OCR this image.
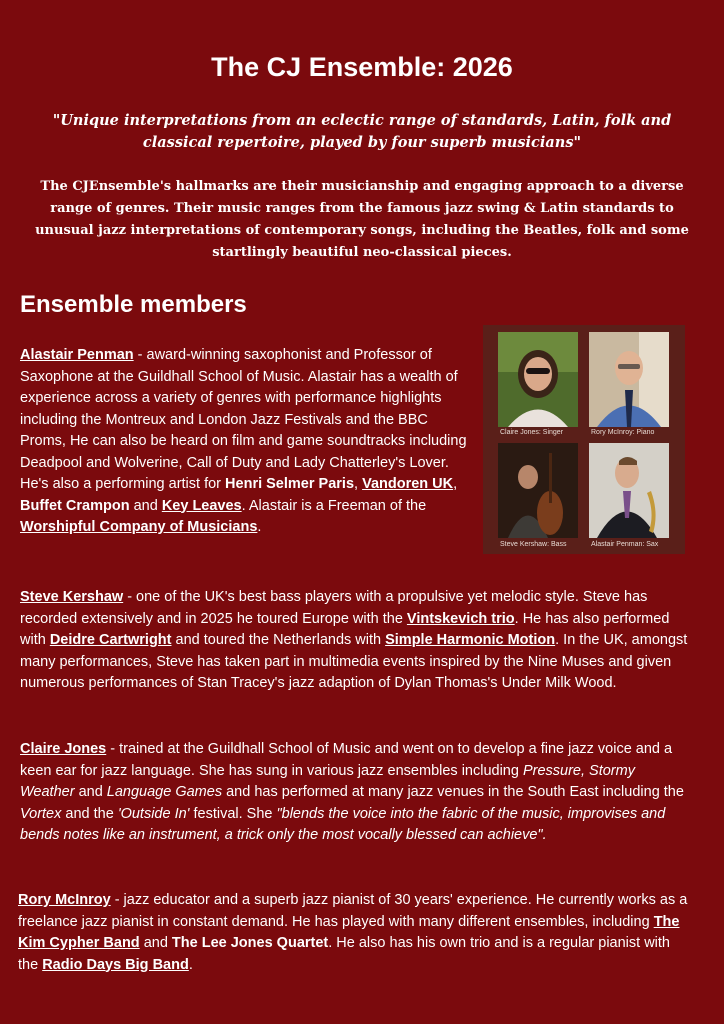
The CJ Ensemble: 2026

"Unique interpretations from an eclectic range of standards, Latin, folk and classical repertoire, played by four superb musicians"

The CJEnsemble's hallmarks are their musicianship and engaging approach to a diverse range of genres. Their music ranges from the famous jazz swing & Latin standards to unusual jazz interpretations of contemporary songs, including the Beatles, folk and some startlingly beautiful neo-classical pieces.

Ensemble members
Claire Jones: Singer	Rory McInroy: Piano
Steve Kershaw: Bass	Alastair Penman: Sax

Alastair Penman - award-winning saxophonist and Professor of Saxophone at the Guildhall School of Music. Alastair has a wealth of experience across a variety of genres with performance highlights including the Montreux and London Jazz Festivals and the BBC Proms, He can also be heard on film and game soundtracks including Deadpool and Wolverine, Call of Duty and Lady Chatterley's Lover. He's also a performing artist for Henri Selmer Paris, Vandoren UK, Buffet Crampon and Key Leaves. Alastair is a Freeman of the Worshipful Company of Musicians.

Steve Kershaw - one of the UK's best bass players with a propulsive yet melodic style. Steve has recorded extensively and in 2025 he toured Europe with the Vintskevich trio. He has also performed with Deidre Cartwright and toured the Netherlands with Simple Harmonic Motion. In the UK, amongst many performances, Steve has taken part in multimedia events inspired by the Nine Muses and given numerous performances of Stan Tracey's jazz adaption of Dylan Thomas's Under Milk Wood.

Claire Jones - trained at the Guildhall School of Music and went on to develop a fine jazz voice and a keen ear for jazz language. She has sung in various jazz ensembles including Pressure, Stormy Weather and Language Games and has performed at many jazz venues in the South East including the Vortex and the 'Outside In' festival. She "blends the voice into the fabric of the music, improvises and bends notes like an instrument, a trick only the most vocally blessed can achieve".

Rory McInroy - jazz educator and a superb jazz pianist of 30 years' experience. He currently works as a freelance jazz pianist in constant demand. He has played with many different ensembles, including The Kim Cypher Band and The Lee Jones Quartet. He also has his own trio and is a regular pianist with the Radio Days Big Band.
